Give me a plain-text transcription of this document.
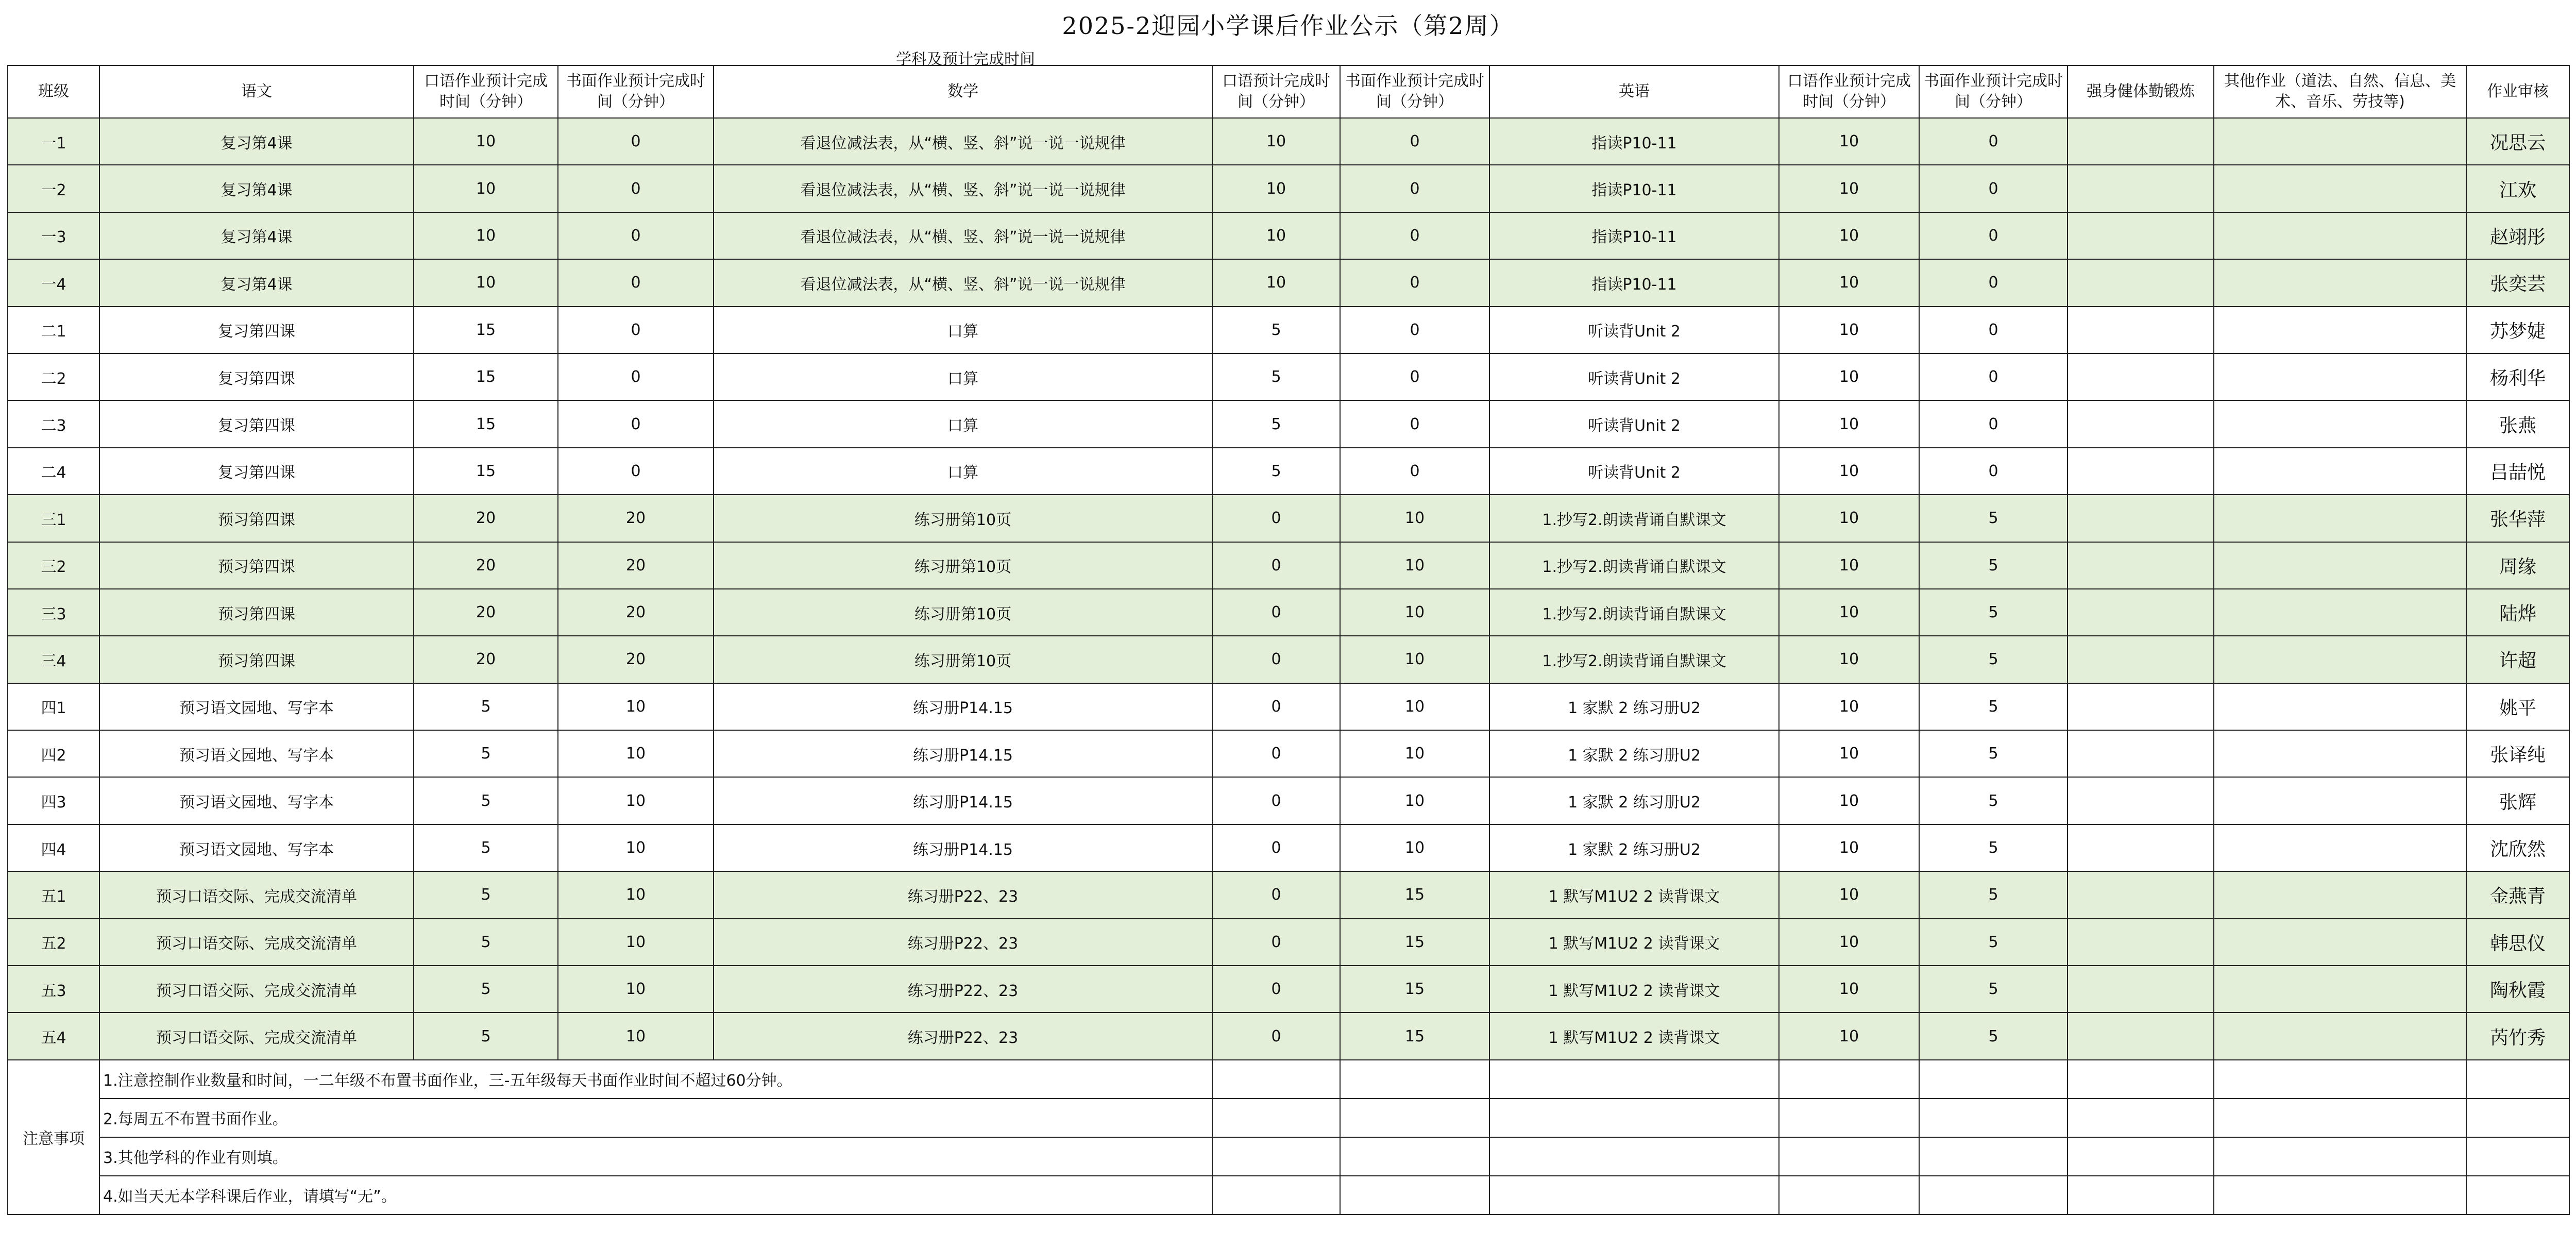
2025-2迎园小学课后作业公示（第2周）
学科及预计完成时间
班级	语文	口语作业预计完成时间（分钟）	书面作业预计完成时间（分钟）	数学	口语预计完成时间（分钟）	书面作业预计完成时间（分钟）	英语	口语作业预计完成时间（分钟）	书面作业预计完成时间（分钟）	强身健体勤锻炼	其他作业（道法、自然、信息、美术、音乐、劳技等)	作业审核
一1	复习第4课	10	0	看退位减法表，从“横、竖、斜”说一说一说规律	10	0	指读P10-11	10	0			况思云
一2	复习第4课	10	0	看退位减法表，从“横、竖、斜”说一说一说规律	10	0	指读P10-11	10	0			江欢
一3	复习第4课	10	0	看退位减法表，从“横、竖、斜”说一说一说规律	10	0	指读P10-11	10	0			赵翊彤
一4	复习第4课	10	0	看退位减法表，从“横、竖、斜”说一说一说规律	10	0	指读P10-11	10	0			张奕芸
二1	复习第四课	15	0	口算	5	0	听读背Unit 2	10	0			苏梦婕
二2	复习第四课	15	0	口算	5	0	听读背Unit 2	10	0			杨利华
二3	复习第四课	15	0	口算	5	0	听读背Unit 2	10	0			张燕
二4	复习第四课	15	0	口算	5	0	听读背Unit 2	10	0			吕喆悦
三1	预习第四课	20	20	练习册第10页	0	10	1.抄写2.朗读背诵自默课文	10	5			张华萍
三2	预习第四课	20	20	练习册第10页	0	10	1.抄写2.朗读背诵自默课文	10	5			周缘
三3	预习第四课	20	20	练习册第10页	0	10	1.抄写2.朗读背诵自默课文	10	5			陆烨
三4	预习第四课	20	20	练习册第10页	0	10	1.抄写2.朗读背诵自默课文	10	5			许超
四1	预习语文园地、写字本	5	10	练习册P14.15	0	10	1 家默 2 练习册U2	10	5			姚平
四2	预习语文园地、写字本	5	10	练习册P14.15	0	10	1 家默 2 练习册U2	10	5			张译纯
四3	预习语文园地、写字本	5	10	练习册P14.15	0	10	1 家默 2 练习册U2	10	5			张辉
四4	预习语文园地、写字本	5	10	练习册P14.15	0	10	1 家默 2 练习册U2	10	5			沈欣然
五1	预习口语交际、完成交流清单	5	10	练习册P22、23	0	15	1 默写M1U2 2 读背课文	10	5			金燕青
五2	预习口语交际、完成交流清单	5	10	练习册P22、23	0	15	1 默写M1U2 2 读背课文	10	5			韩思仪
五3	预习口语交际、完成交流清单	5	10	练习册P22、23	0	15	1 默写M1U2 2 读背课文	10	5			陶秋霞
五4	预习口语交际、完成交流清单	5	10	练习册P22、23	0	15	1 默写M1U2 2 读背课文	10	5			芮竹秀
注意事项	1.注意控制作业数量和时间，一二年级不布置书面作业，三-五年级每天书面作业时间不超过60分钟。											
	2.每周五不布置书面作业。											
	3.其他学科的作业有则填。											
	4.如当天无本学科课后作业，请填写“无”。											
